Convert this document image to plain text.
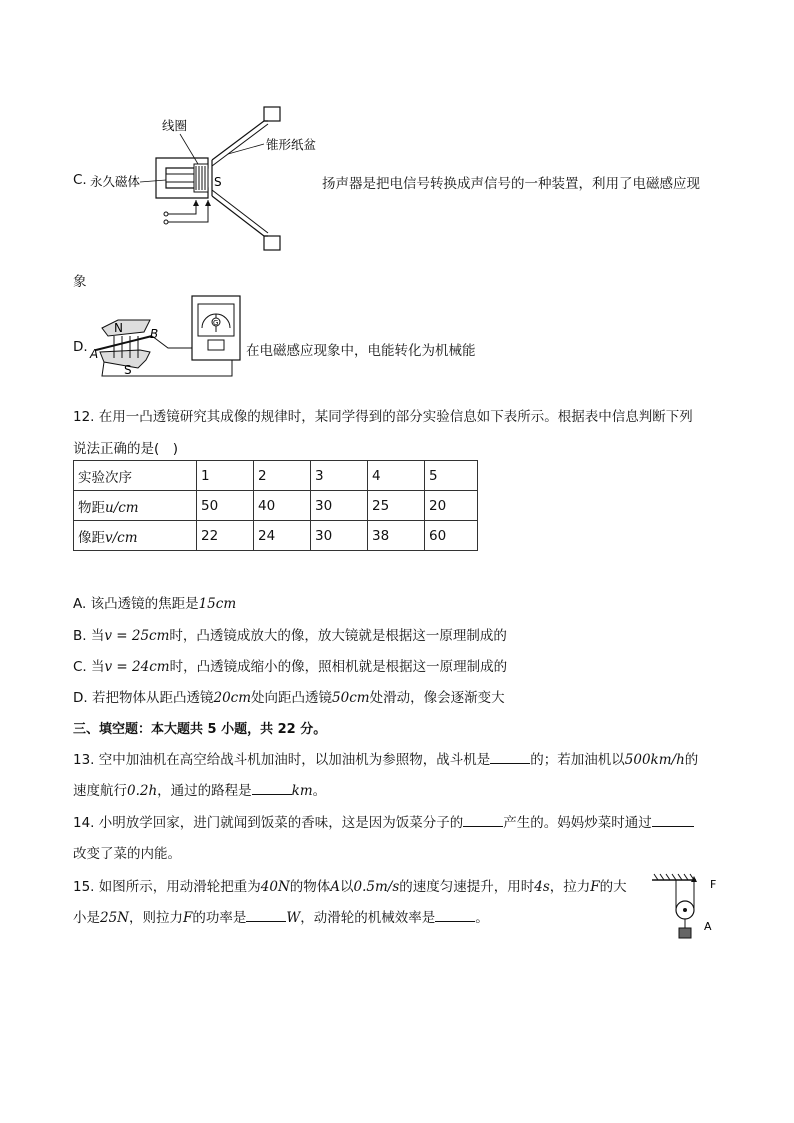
C.
线圈
锥形纸盆
永久磁体	S	扬声器是把电信号转换成声信号的一种装置，利用了电磁感应现
象
D.
N
S
A
B
G
在电磁感应现象中，电能转化为机械能
12. 在用一凸透镜研究其成像的规律时，某同学得到的部分实验信息如下表所示。根据表中信息判断下列
说法正确的是(　)
实验次序	1	2	3	4	5
物距u/cm	50	40	30	25	20
像距v/cm	22	24	30	38	60
A. 该凸透镜的焦距是15cm
B. 当v = 25cm时，凸透镜成放大的像，放大镜就是根据这一原理制成的
C. 当v = 24cm时，凸透镜成缩小的像，照相机就是根据这一原理制成的
D. 若把物体从距凸透镜20cm处向距凸透镜50cm处滑动，像会逐渐变大
三、填空题：本大题共 5 小题，共 22 分。
13. 空中加油机在高空给战斗机加油时，以加油机为参照物，战斗机是	的；若加油机以500km/h的
速度航行0.2h，通过的路程是	km。
14. 小明放学回家，进门就闻到饭菜的香味，这是因为饭菜分子的	产生的。妈妈炒菜时通过
改变了菜的内能。
15. 如图所示，用动滑轮把重为40N的物体A以0.5m/s的速度匀速提升，用时4s，拉力F的大
小是25N，则拉力F的功率是	W，动滑轮的机械效率是	。
F
A
